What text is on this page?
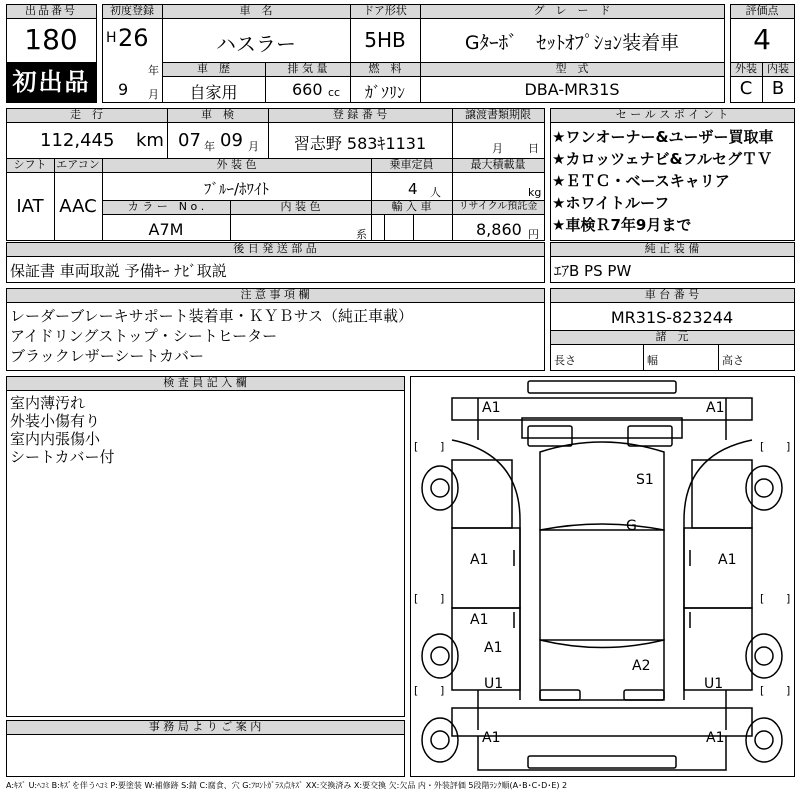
出品番号
180
初出品
初度登録
H 26
年
9 月
車　名
ハスラー
ドア形状
5HB
グ　レ　ー　ド
Gﾀｰﾎﾞ　ｾｯﾄｵﾌﾟｼｮﾝ装着車
評価点
4
車　歴
自家用
排 気 量
660 cc
燃　料
ｶﾞｿﾘﾝ
型　式
DBA-MR31S
外装 内装
C	B
走　行
112,445 km
車　検
07 年 09 月
登 録 番 号
習志野 583ｷ1131
譲渡書類期限
月 日
シフト
IAT
エアコン
AAC
外 装 色
ﾌﾞﾙｰ/ﾎﾜｲﾄ
乗車定員
4 人
最大積載量
kg
カ ラ ー　N o .
A7M
内 装 色
系
輸 入 車	リサイクル預託金
8,860 円
セ ー ル ス ポ イ ン ト
★ワンオーナー&ユーザー買取車
★カロッツェナビ&フルセグＴＶ
★ＥＴＣ・ベースキャリア
★ホワイトルーフ
★車検Ｒ7年9月まで
後 日 発 送 部 品
保証書 車両取説 予備ｷｰ ﾅﾋﾞ取説
純 正 装 備
ｴｱB PS PW
注 意 事 項 欄
レーダーブレーキサポート装着車・ＫＹＢサス（純正車載）
アイドリングストップ・シートヒーター
ブラックレザーシートカバー
車 台 番 号
MR31S-823244
諸　元
長さ	幅	高さ
検 査 員 記 入 欄
室内薄汚れ
外装小傷有り
室内内張傷小
シートカバー付
事 務 局 よ り ご 案 内
A1	A1
S1
G
A1	A1
A1
A1
A2
U1	U1
A1	A1
[ ]	[ ]
[ ]	[ ]
[ ]	[ ]
A:ｷｽﾞ U:ﾍｺﾐ B:ｷｽﾞを伴うﾍｺﾐ P:要塗装 W:補修跡 S:錆 C:腐食、穴 G:ﾌﾛﾝﾄｶﾞﾗｽ点ｷｽﾞ XX:交換済み X:要交換 欠:欠品 内・外装評価 5段階ﾗﾝｸ順(A･B･C･D･E) 2
